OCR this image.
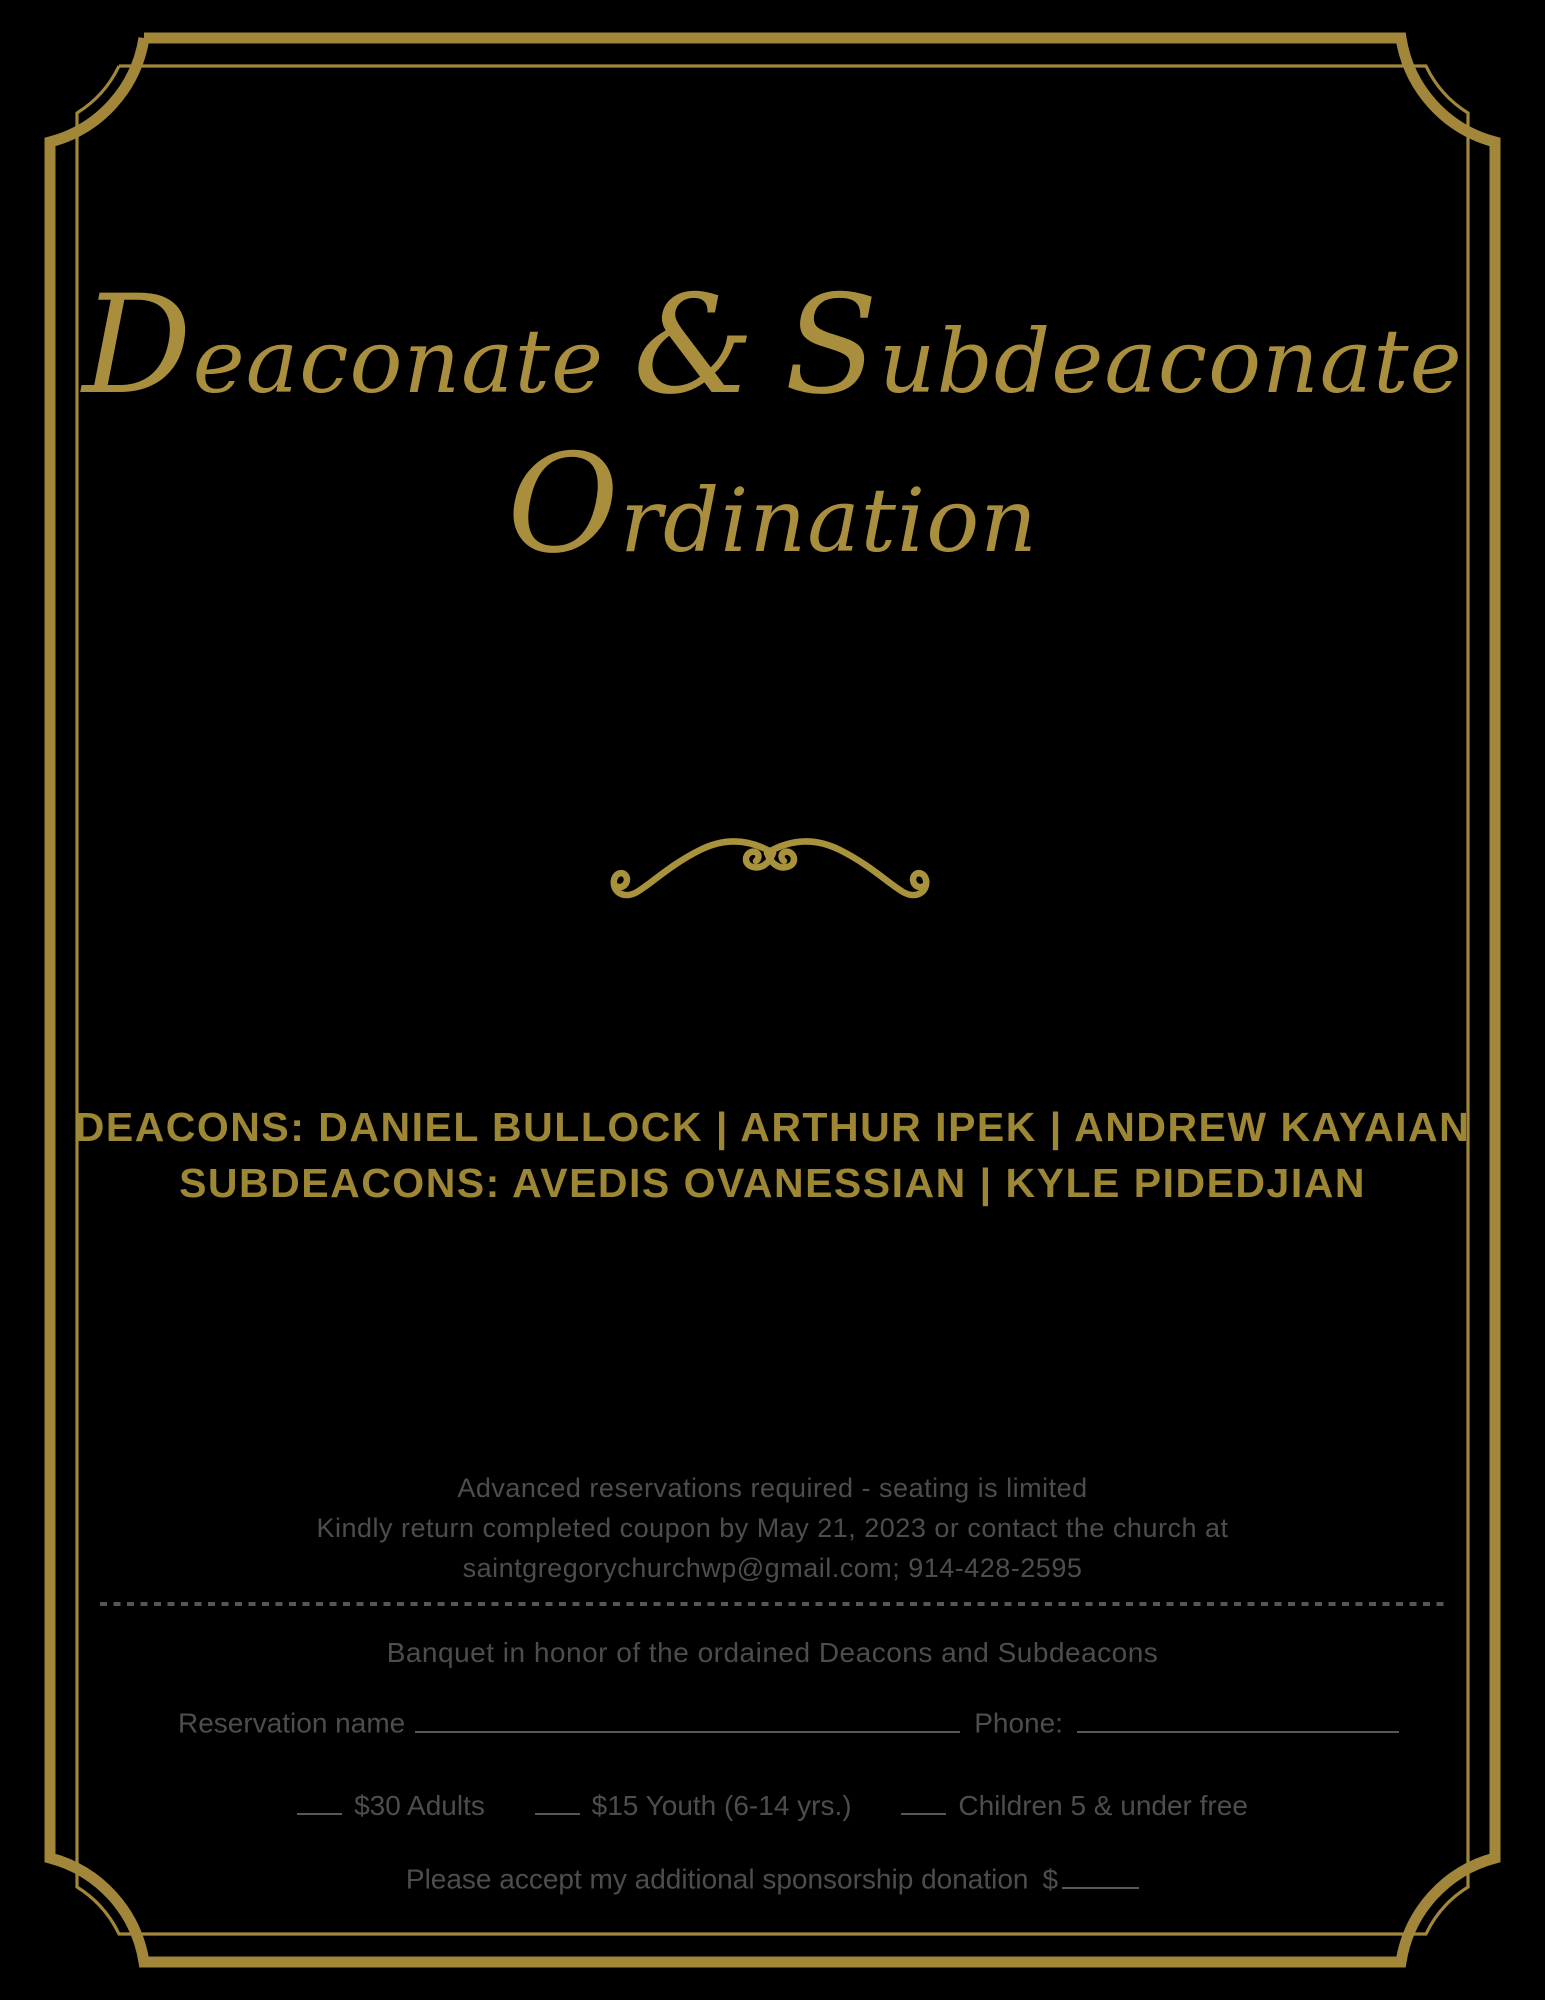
Deaconate & Subdeaconate
Ordination
DEACONS: DANIEL BULLOCK | ARTHUR IPEK | ANDREW KAYAIAN
SUBDEACONS: AVEDIS OVANESSIAN | KYLE PIDEDJIAN
Advanced reservations required - seating is limited
Kindly return completed coupon by May 21, 2023 or contact the church at
saintgregorychurchwp@gmail.com; 914-428-2595
Banquet in honor of the ordained Deacons and Subdeacons
Reservation name	Phone:
$30 Adults	$15 Youth (6-14 yrs.)	Children 5 & under free
Please accept my additional sponsorship donation $
